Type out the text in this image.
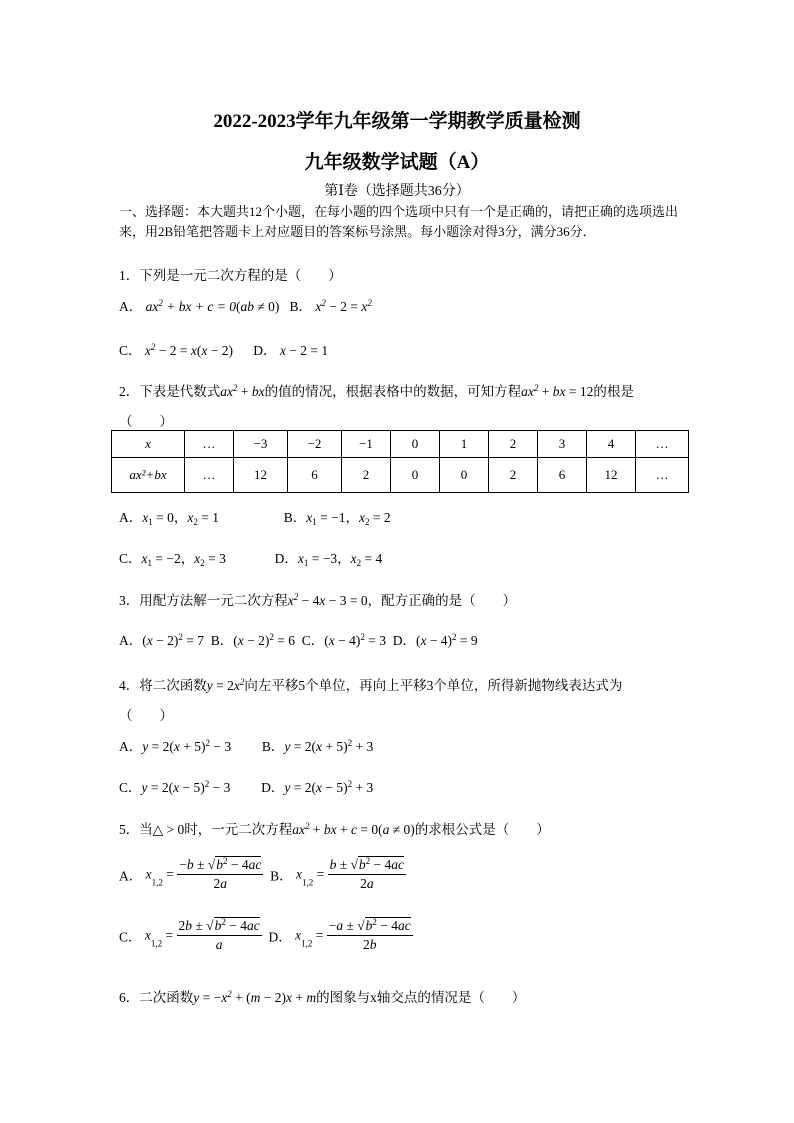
2022-2023学年九年级第一学期教学质量检测
九年级数学试题（A）
第Ⅰ卷（选择题共36分）
一、选择题：本大题共12个小题，在每小题的四个选项中只有一个是正确的，请把正确的选项选出来，用2B铅笔把答题卡上对应题目的答案标号涂黑。每小题涂对得3分，满分36分．
1．下列是一元二次方程的是（　　）
A． $ax^2$ + bx + c = 0(ab ≠ 0)   B． $x^2 - 2 = x^2$
C． $x^2 - 2 = x(x - 2)$      D． x − 2 = 1
2．下表是代数式$ax^2$ + bx的值的情况，根据表格中的数据，可知方程$ax^2$ + bx = 12的根是
（　　）
x	…	−3	−2	−1	0	1	2	3	4	…
ax²+bx	…	12	6	2	0	0	2	6	12	…
A．$x_1 = 0$，$x_2 = 1$	B．$x_1 = -1$，$x_2 = 2$
C．$x_1 = -2$，$x_2 = 3$	D．$x_1 = -3$，$x_2 = 4$
3．用配方法解一元二次方程$x^2 - 4x - 3 = 0$，配方正确的是（　　）
A．$(x - 2)^2 = 7$  B．$(x - 2)^2 = 6$  C．$(x - 4)^2 = 3$  D．$(x - 4)^2 = 9$
4．将二次函数$y = 2x^2$向左平移5个单位，再向上平移3个单位，所得新抛物线表达式为
（　　）
A．$y = 2(x + 5)^2 - 3$  B．$y = 2(x + 5)^2 + 3$
C．$y = 2(x - 5)^2 - 3$  D．$y = 2(x - 5)^2 + 3$
5．当△ > 0时，一元二次方程$ax^2$ + bx + c = 0(a ≠ 0)的求根公式是（　　）
A． $x_{1,2} = \frac{-b \pm √b^2 - 4ac}{2a}$ B． $x_{1,2} = \frac{b \pm √b^2 - 4ac}{2a}$
C． $x_{1,2} = \frac{2b \pm √b^2 - 4ac}{a}$ D． $x_{1,2} = \frac{-a \pm √b^2 - 4ac}{2b}$
6．二次函数$y = -x^2 + (m - 2)x + m$的图象与x轴交点的情况是（　　）
